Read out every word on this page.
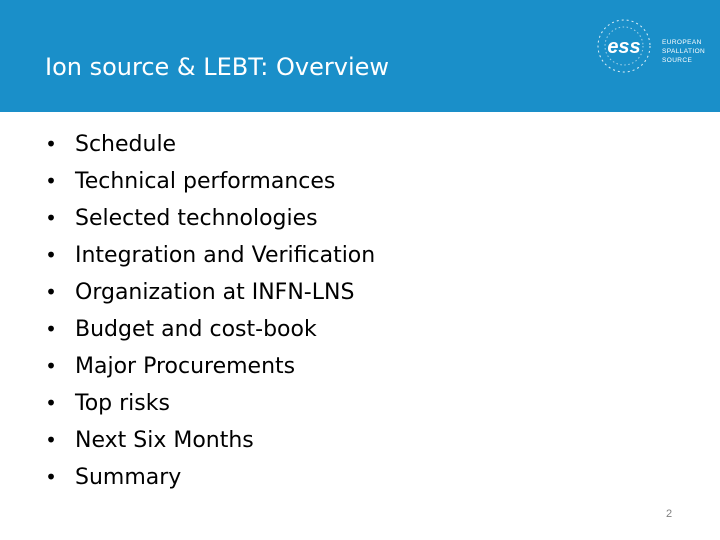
Ion source & LEBT: Overview
ess	EUROPEAN
SPALLATION
SOURCE
• Schedule
• Technical performances
• Selected technologies
• Integration and Verification
• Organization at INFN-LNS
• Budget and cost-book
• Major Procurements
• Top risks
• Next Six Months
• Summary
2
